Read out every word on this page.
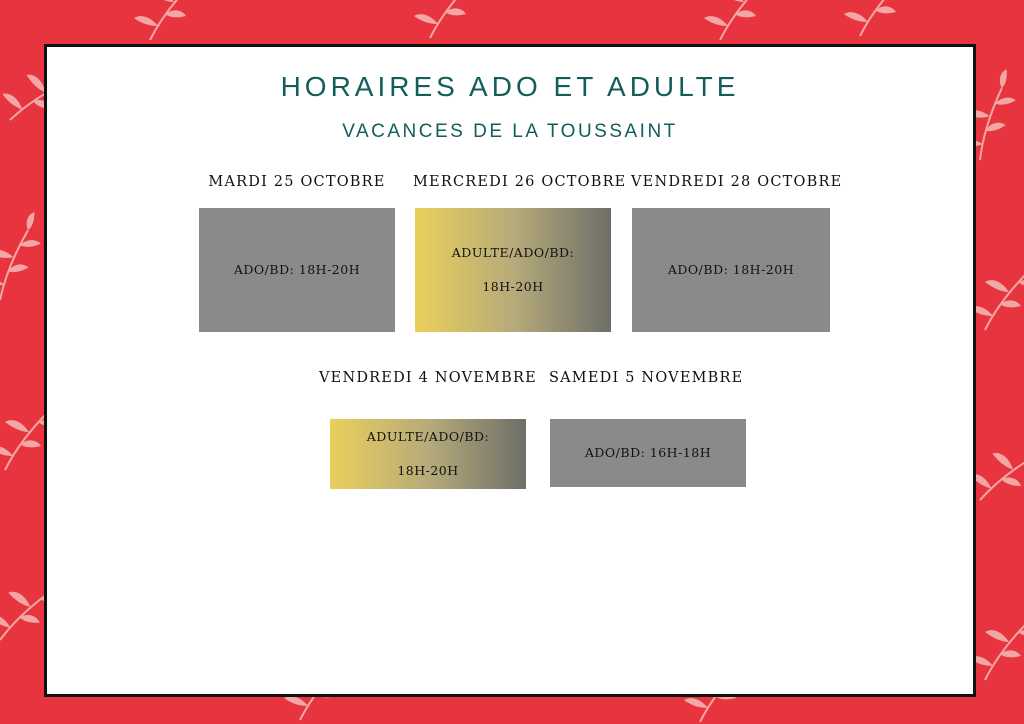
HORAIRES ADO ET ADULTE
VACANCES DE LA TOUSSAINT
MARDI 25 OCTOBRE
ADO/BD: 18H-20H
MERCREDI 26 OCTOBRE
ADULTE/ADO/BD:
18H-20H
VENDREDI 28 OCTOBRE
ADO/BD: 18H-20H
VENDREDI 4 NOVEMBRE
ADULTE/ADO/BD:
18H-20H
SAMEDI 5 NOVEMBRE
ADO/BD: 16H-18H
